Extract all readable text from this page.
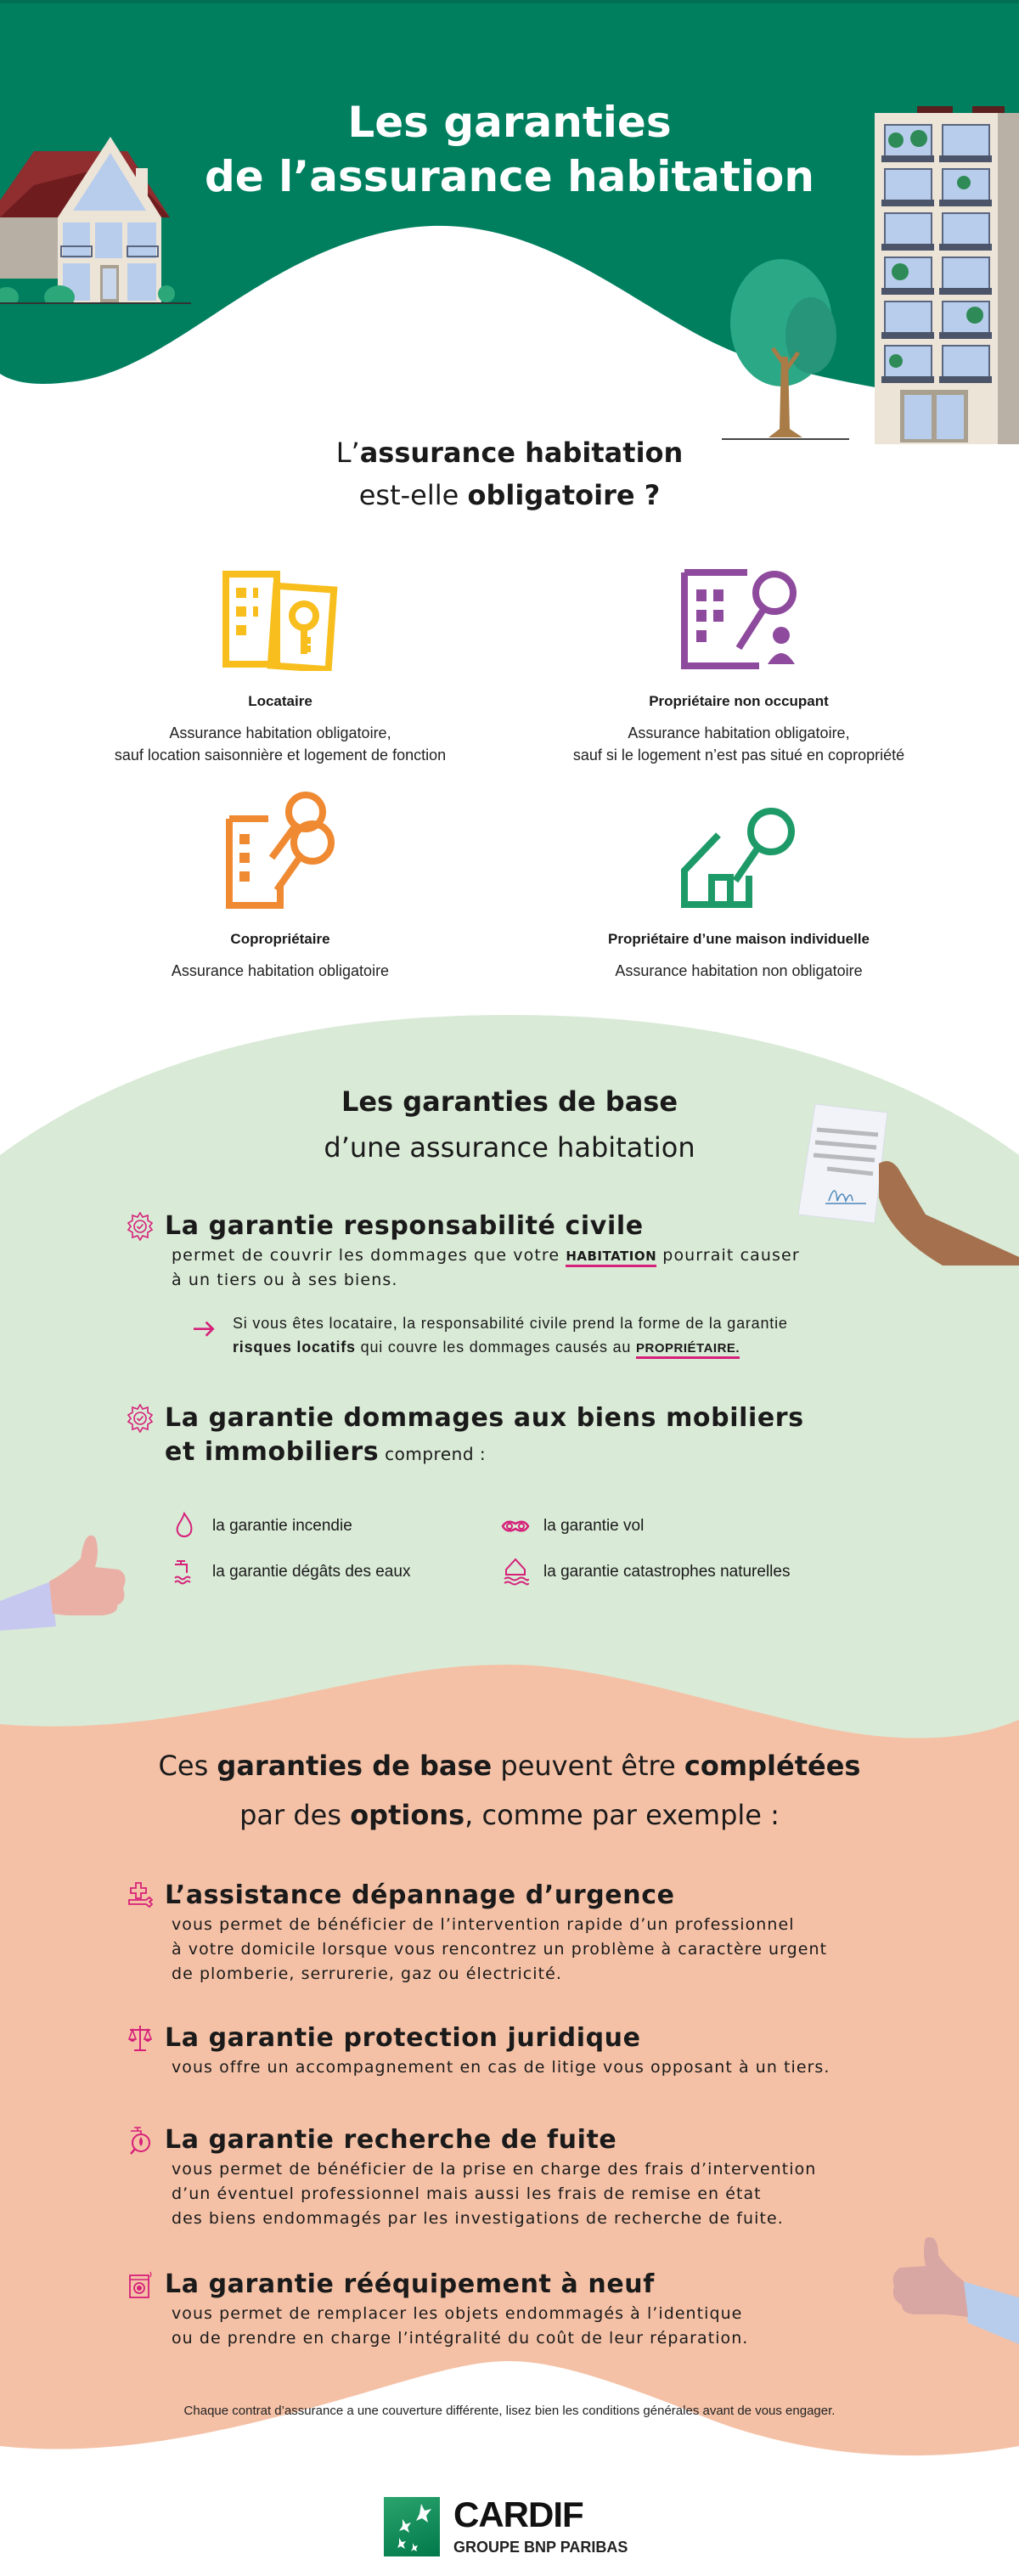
Les garanties
de l’assurance habitation
L’assurance habitation
est-elle obligatoire ?
Locataire
Assurance habitation obligatoire,
sauf location saisonnière et logement de fonction
Propriétaire non occupant
Assurance habitation obligatoire,
sauf si le logement n’est pas situé en copropriété
Copropriétaire
Assurance habitation obligatoire
Propriétaire d’une maison individuelle
Assurance habitation non obligatoire
Les garanties de base
d’une assurance habitation
La garantie responsabilité civile
permet de couvrir les dommages que votre HABITATION pourrait causer
à un tiers ou à ses biens.
Si vous êtes locataire, la responsabilité civile prend la forme de la garantie
risques locatifs qui couvre les dommages causés au PROPRIÉTAIRE.
La garantie dommages aux biens mobiliers
et immobiliers comprend :
la garantie incendie	la garantie vol
la garantie dégâts des eaux	la garantie catastrophes naturelles
Ces garanties de base peuvent être complétées
par des options, comme par exemple :
L’assistance dépannage d’urgence
vous permet de bénéficier de l’intervention rapide d’un professionnel
à votre domicile lorsque vous rencontrez un problème à caractère urgent
de plomberie, serrurerie, gaz ou électricité.
La garantie protection juridique
vous offre un accompagnement en cas de litige vous opposant à un tiers.
La garantie recherche de fuite
vous permet de bénéficier de la prise en charge des frais d’intervention
d’un éventuel professionnel mais aussi les frais de remise en état
des biens endommagés par les investigations de recherche de fuite.
La garantie rééquipement à neuf
vous permet de remplacer les objets endommagés à l’identique
ou de prendre en charge l’intégralité du coût de leur réparation.
Chaque contrat d’assurance a une couverture différente, lisez bien les conditions générales avant de vous engager.
CARDIF
GROUPE BNP PARIBAS
